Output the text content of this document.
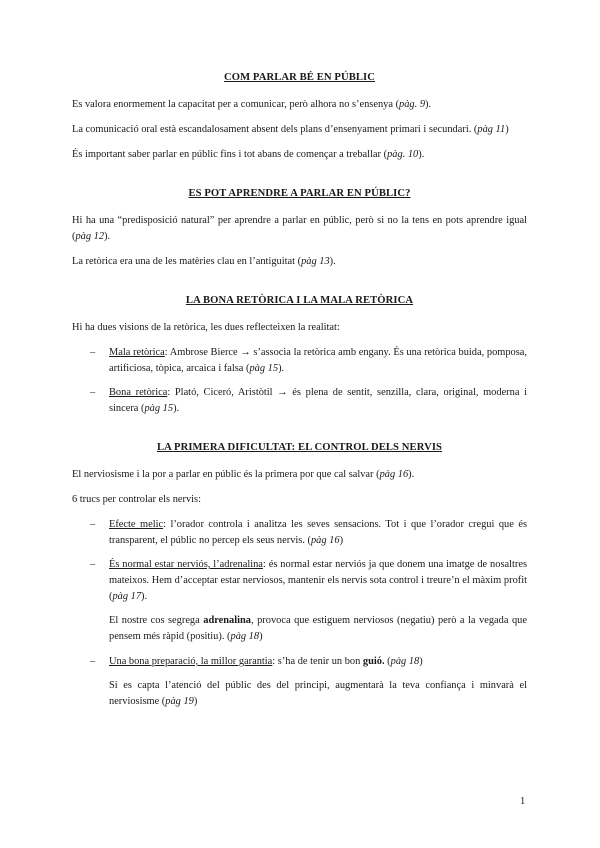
COM PARLAR BÉ EN PÚBLIC

Es valora enormement la capacitat per a comunicar, però alhora no s’ensenya (pàg. 9).

La comunicació oral està escandalosament absent dels plans d’ensenyament primari i secundari. (pàg 11)

És important saber parlar en públic fins i tot abans de començar a treballar (pàg. 10).

ES POT APRENDRE A PARLAR EN PÚBLIC?

Hi ha una “predisposició natural” per aprendre a parlar en públic, però si no la tens en pots aprendre igual (pàg 12).

La retòrica era una de les matèries clau en l’antiguitat (pàg 13).

LA BONA RETÒRICA I LA MALA RETÒRICA

Hi ha dues visions de la retòrica, les dues reflecteixen la realitat:

– Mala retòrica: Ambrose Bierce → s’associa la retòrica amb engany. És una retòrica buida, pomposa, artificiosa, tòpica, arcaica i falsa (pàg 15).
– Bona retòrica: Plató, Ciceró, Aristòtil → és plena de sentit, senzilla, clara, original, moderna i sincera (pàg 15).
LA PRIMERA DIFICULTAT: EL CONTROL DELS NERVIS

El nerviosisme i la por a parlar en públic és la primera por que cal salvar (pàg 16).

6 trucs per controlar els nervis:

– Efecte melic: l’orador controla i analitza les seves sensacions. Tot i que l’orador cregui que és transparent, el públic no percep els seus nervis. (pàg 16)
– És normal estar nerviós, l’adrenalina: és normal estar nerviós ja que donem una imatge de nosaltres mateixos. Hem d’acceptar estar nerviosos, mantenir els nervis sota control i treure’n el màxim profit (pàg 17).

El nostre cos segrega adrenalina, provoca que estiguem nerviosos (negatiu) però a la vegada que pensem més ràpid (positiu). (pàg 18)

– Una bona preparació, la millor garantia: s’ha de tenir un bon guió. (pàg 18)

Si es capta l’atenció del públic des del principi, augmentarà la teva confiança i minvarà el nerviosisme (pàg 19)

1
